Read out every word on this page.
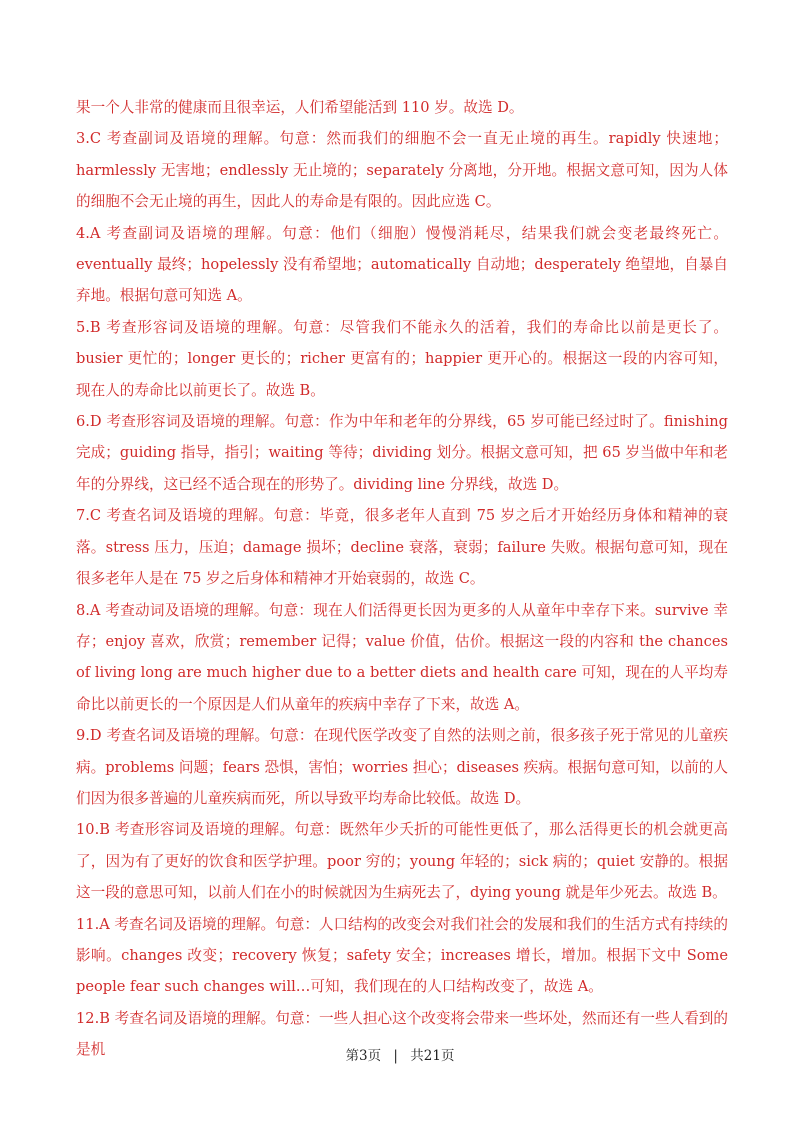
果一个人非常的健康而且很幸运，人们希望能活到 110 岁。故选 D。

3.C 考查副词及语境的理解。句意：然而我们的细胞不会一直无止境的再生。rapidly 快速地；harmlessly 无害地；endlessly 无止境的；separately 分离地，分开地。根据文意可知，因为人体的细胞不会无止境的再生，因此人的寿命是有限的。因此应选 C。

4.A 考查副词及语境的理解。句意：他们（细胞）慢慢消耗尽，结果我们就会变老最终死亡。eventually 最终；hopelessly 没有希望地；automatically 自动地；desperately 绝望地，自暴自弃地。根据句意可知选 A。

5.B 考查形容词及语境的理解。句意：尽管我们不能永久的活着，我们的寿命比以前是更长了。busier 更忙的；longer 更长的；richer 更富有的；happier 更开心的。根据这一段的内容可知，现在人的寿命比以前更长了。故选 B。

6.D 考查形容词及语境的理解。句意：作为中年和老年的分界线，65 岁可能已经过时了。finishing 完成；guiding 指导，指引；waiting 等待；dividing 划分。根据文意可知，把 65 岁当做中年和老年的分界线，这已经不适合现在的形势了。dividing line 分界线，故选 D。

7.C 考查名词及语境的理解。句意：毕竟，很多老年人直到 75 岁之后才开始经历身体和精神的衰落。stress 压力，压迫；damage 损坏；decline 衰落，衰弱；failure 失败。根据句意可知，现在很多老年人是在 75 岁之后身体和精神才开始衰弱的，故选 C。

8.A 考查动词及语境的理解。句意：现在人们活得更长因为更多的人从童年中幸存下来。survive 幸存；enjoy 喜欢，欣赏；remember 记得；value 价值，估价。根据这一段的内容和 the chances of living long are much higher due to a better diets and health care 可知，现在的人平均寿命比以前更长的一个原因是人们从童年的疾病中幸存了下来，故选 A。

9.D 考查名词及语境的理解。句意：在现代医学改变了自然的法则之前，很多孩子死于常见的儿童疾病。problems 问题；fears 恐惧，害怕；worries 担心；diseases 疾病。根据句意可知，以前的人们因为很多普遍的儿童疾病而死，所以导致平均寿命比较低。故选 D。

10.B 考查形容词及语境的理解。句意：既然年少夭折的可能性更低了，那么活得更长的机会就更高了，因为有了更好的饮食和医学护理。poor 穷的；young 年轻的；sick 病的；quiet 安静的。根据这一段的意思可知，以前人们在小的时候就因为生病死去了，dying young 就是年少死去。故选 B。

11.A 考查名词及语境的理解。句意：人口结构的改变会对我们社会的发展和我们的生活方式有持续的影响。changes 改变；recovery 恢复；safety 安全；increases 增长，增加。根据下文中 Some people fear such changes will…可知，我们现在的人口结构改变了，故选 A。

12.B 考查名词及语境的理解。句意：一些人担心这个改变将会带来一些坏处，然而还有一些人看到的是机	第3页 | 共21页
